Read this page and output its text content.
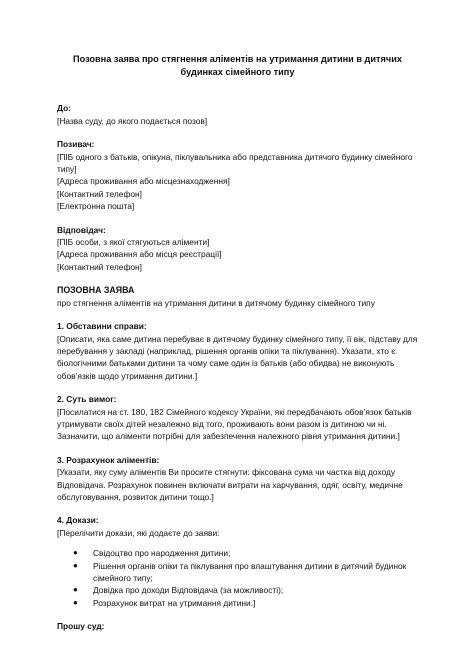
Позовна заява про стягнення аліментів на утримання дитини в дитячих будинках сімейного типу
До:
[Назва суду, до якого подається позов]
Позивач:
[ПІБ одного з батьків, опікуна, піклувальника або представника дитячого будинку сімейного типу]
[Адреса проживання або місцезнаходження]
[Контактний телефон]
[Електронна пошта]
Відповідач:
[ПІБ особи, з якої стягуються аліменти]
[Адреса проживання або місця реєстрації]
[Контактний телефон]
ПОЗОВНА ЗАЯВА
про стягнення аліментів на утримання дитини в дитячому будинку сімейного типу
1. Обставини справи:
[Описати, яка саме дитина перебуває в дитячому будинку сімейного типу, її вік, підставу для перебування у закладі (наприклад, рішення органів опіки та піклування). Указати, хто є біологічними батьками дитини та чому саме один із батьків (або обидва) не виконують обов’язків щодо утримання дитини.]
2. Суть вимог:
[Посилатися на ст. 180, 182 Сімейного кодексу України, які передбачають обов’язок батьків утримувати своїх дітей незалежно від того, проживають вони разом із дитиною чи ні. Зазначити, що аліменти потрібні для забезпечення належного рівня утримання дитини.]
3. Розрахунок аліментів:
[Указати, яку суму аліментів Ви просите стягнути: фіксована сума чи частка від доходу Відповідача. Розрахунок повинен включати витрати на харчування, одяг, освіту, медичне обслуговування, розвиток дитини тощо.]
4. Докази:
[Перелічити докази, які додаєте до заяви:
● Свідоцтво про народження дитини;
● Рішення органів опіки та піклування про влаштування дитини в дитячий будинок сімейного типу;
● Довідка про доходи Відповідача (за можливості);
● Розрахунок витрат на утримання дитини.]
Прошу суд:
